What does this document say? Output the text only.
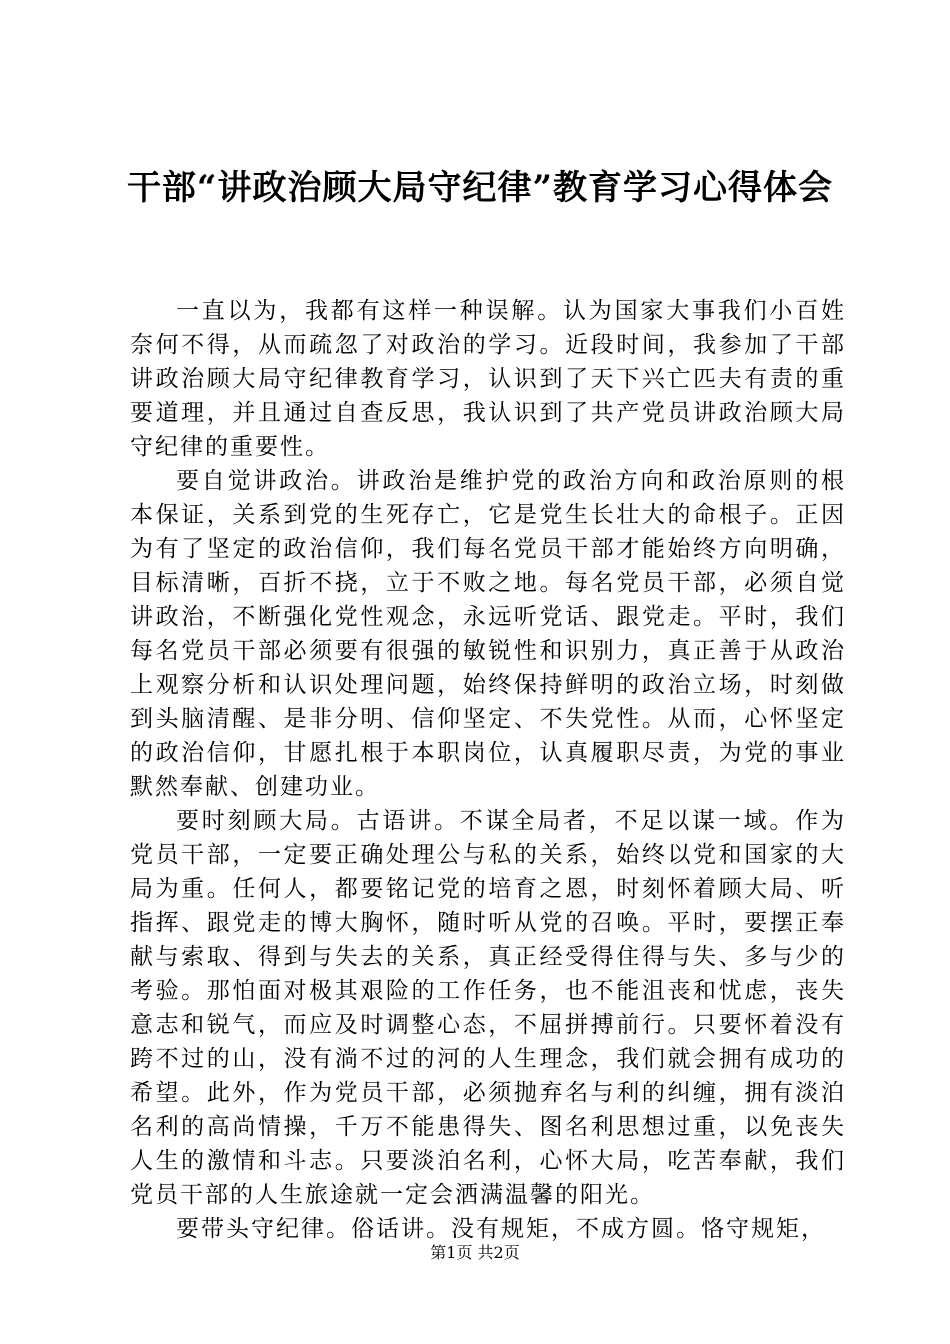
干部“讲政治顾大局守纪律”教育学习心得体会

一直以为，我都有这样一种误解。认为国家大事我们小百姓奈何不得，从而疏忽了对政治的学习。近段时间，我参加了干部讲政治顾大局守纪律教育学习，认识到了天下兴亡匹夫有责的重要道理，并且通过自查反思，我认识到了共产党员讲政治顾大局守纪律的重要性。

要自觉讲政治。讲政治是维护党的政治方向和政治原则的根本保证，关系到党的生死存亡，它是党生长壮大的命根子。正因为有了坚定的政治信仰，我们每名党员干部才能始终方向明确，目标清晰，百折不挠，立于不败之地。每名党员干部，必须自觉讲政治，不断强化党性观念，永远听党话、跟党走。平时，我们每名党员干部必须要有很强的敏锐性和识别力，真正善于从政治上观察分析和认识处理问题，始终保持鲜明的政治立场，时刻做到头脑清醒、是非分明、信仰坚定、不失党性。从而，心怀坚定的政治信仰，甘愿扎根于本职岗位，认真履职尽责，为党的事业默然奉献、创建功业。

要时刻顾大局。古语讲。不谋全局者，不足以谋一域。作为党员干部，一定要正确处理公与私的关系，始终以党和国家的大局为重。任何人，都要铭记党的培育之恩，时刻怀着顾大局、听指挥、跟党走的博大胸怀，随时听从党的召唤。平时，要摆正奉献与索取、得到与失去的关系，真正经受得住得与失、多与少的考验。那怕面对极其艰险的工作任务，也不能沮丧和忧虑，丧失意志和锐气，而应及时调整心态，不屈拼搏前行。只要怀着没有跨不过的山，没有淌不过的河的人生理念，我们就会拥有成功的希望。此外，作为党员干部，必须抛弃名与利的纠缠，拥有淡泊名利的高尚情操，千万不能患得失、图名利思想过重，以免丧失人生的激情和斗志。只要淡泊名利，心怀大局，吃苦奉献，我们党员干部的人生旅途就一定会洒满温馨的阳光。

要带头守纪律。俗话讲。没有规矩，不成方圆。恪守规矩，

第1页 共2页
